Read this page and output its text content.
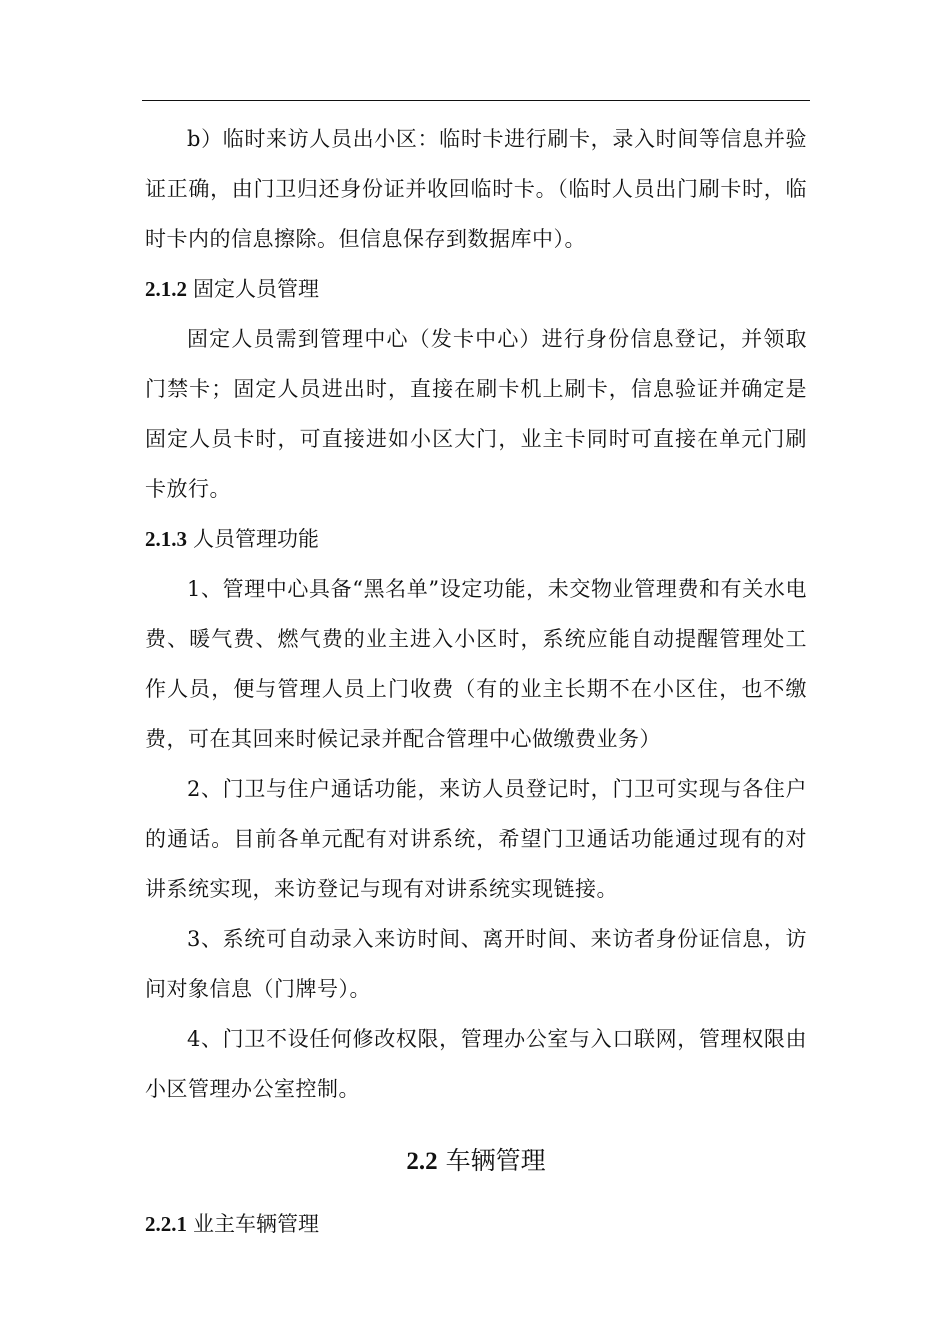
b）临时来访人员出小区：临时卡进行刷卡，录入时间等信息并验证正确，由门卫归还身份证并收回临时卡。（临时人员出门刷卡时，临时卡内的信息擦除。但信息保存到数据库中）。

2.1.2 固定人员管理

固定人员需到管理中心（发卡中心）进行身份信息登记，并领取门禁卡；固定人员进出时，直接在刷卡机上刷卡，信息验证并确定是固定人员卡时，可直接进如小区大门，业主卡同时可直接在单元门刷卡放行。

2.1.3 人员管理功能

1、管理中心具备“黑名单”设定功能，未交物业管理费和有关水电费、暖气费、燃气费的业主进入小区时，系统应能自动提醒管理处工作人员，便与管理人员上门收费（有的业主长期不在小区住，也不缴费，可在其回来时候记录并配合管理中心做缴费业务）

2、门卫与住户通话功能，来访人员登记时，门卫可实现与各住户的通话。目前各单元配有对讲系统，希望门卫通话功能通过现有的对讲系统实现，来访登记与现有对讲系统实现链接。

3、系统可自动录入来访时间、离开时间、来访者身份证信息，访问对象信息（门牌号）。

4、门卫不设任何修改权限，管理办公室与入口联网，管理权限由小区管理办公室控制。

2.2 车辆管理
2.2.1 业主车辆管理
